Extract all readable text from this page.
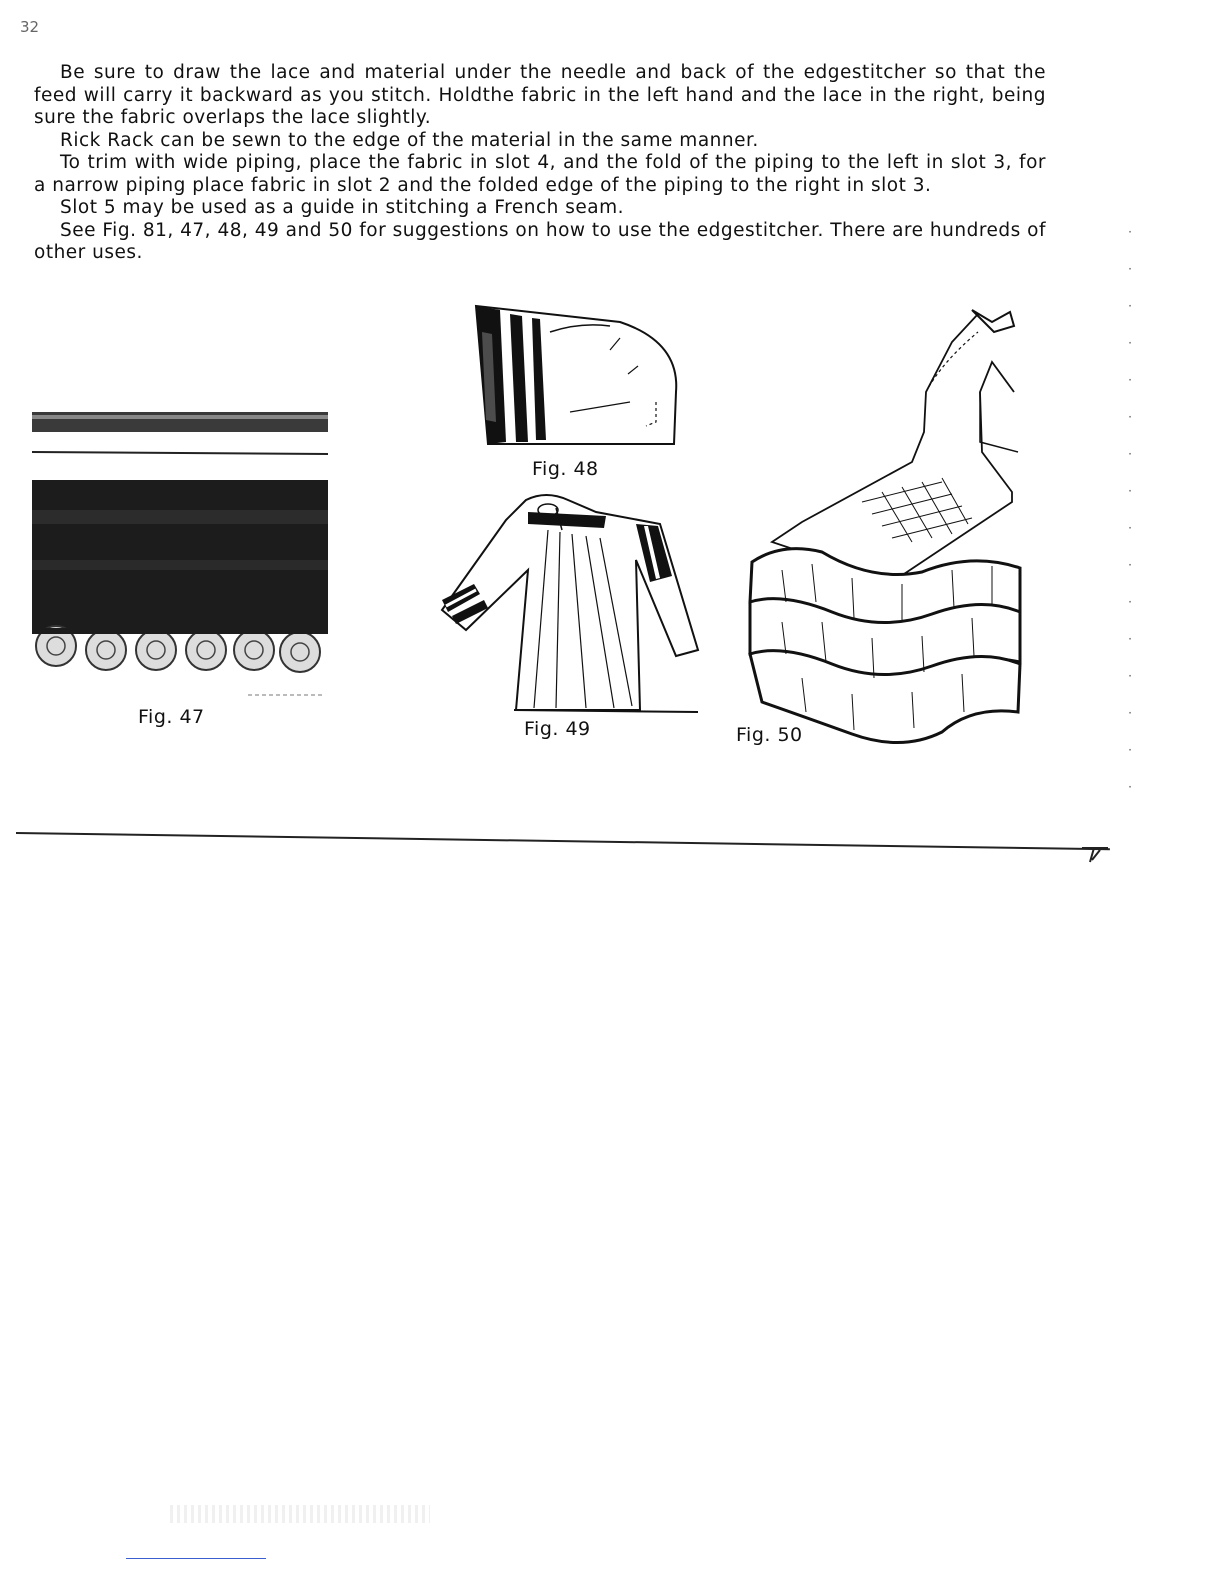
32

Be sure to draw the lace and material under the needle and back of the edgestitcher so that the feed will carry it backward as you stitch. Holdthe fabric in the left hand and the lace in the right, being sure the fabric overlaps the lace slightly.

Rick Rack can be sewn to the edge of the material in the same manner.

To trim with wide piping, place the fabric in slot 4, and the fold of the piping to the left in slot 3, for a narrow piping place fabric in slot 2 and the folded edge of the piping to the right in slot 3.

Slot 5 may be used as a guide in stitching a French seam.

See Fig. 81, 47, 48, 49 and 50 for suggestions on how to use the edgestitcher. There are hundreds of other uses.

Fig. 47
Fig. 48
Fig. 49	Fig. 50
·
·
·
·
·
·
·
·
·
·
·
·
·
·
·
·
